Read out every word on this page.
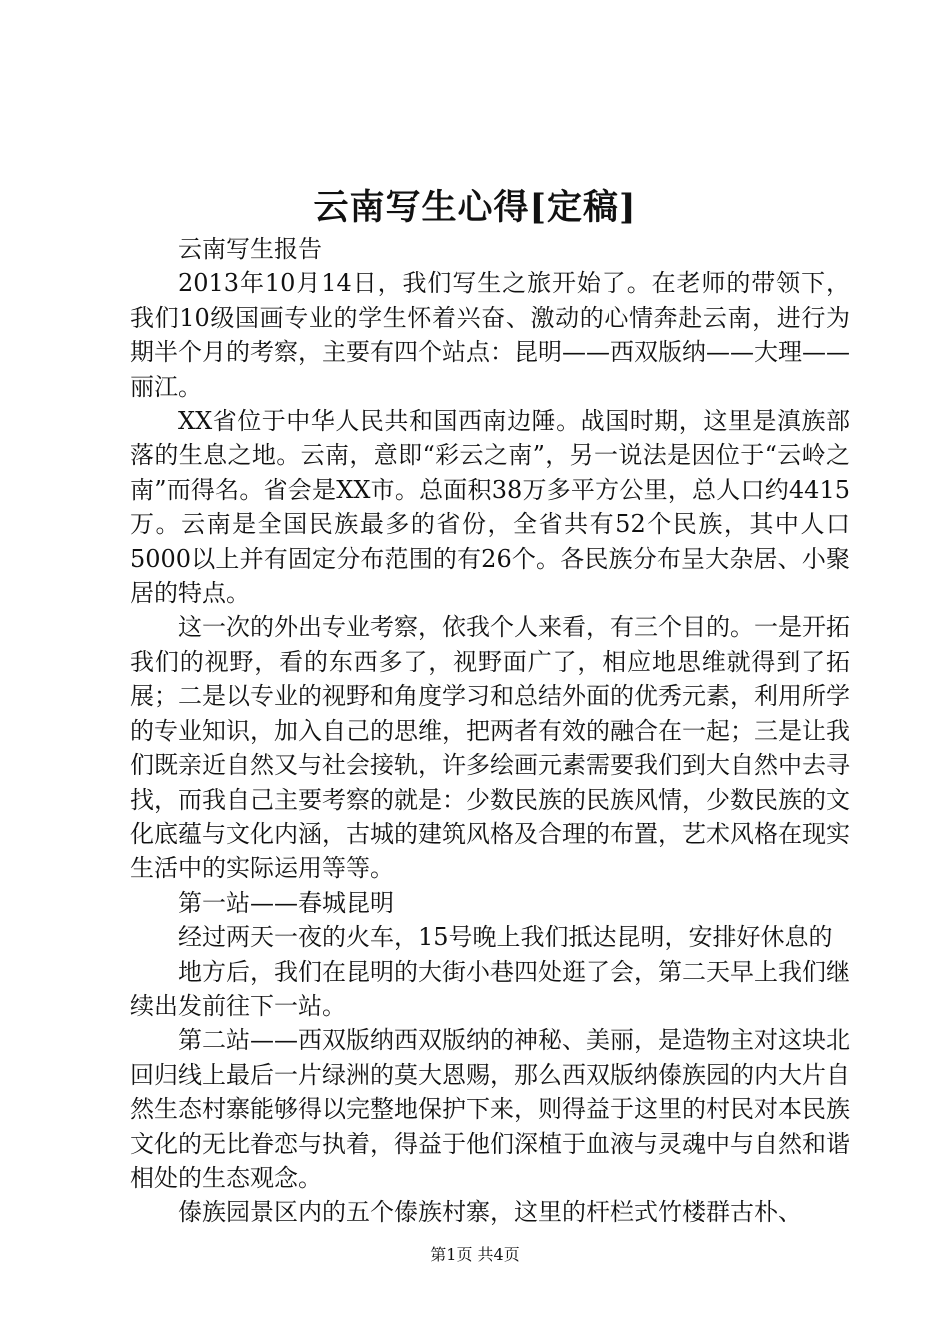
云南写生心得[定稿]

云南写生报告

2013年10月14日，我们写生之旅开始了。在老师的带领下，我们10级国画专业的学生怀着兴奋、激动的心情奔赴云南，进行为期半个月的考察，主要有四个站点：昆明——西双版纳——大理——丽江。

XX省位于中华人民共和国西南边陲。战国时期，这里是滇族部落的生息之地。云南，意即“彩云之南”，另一说法是因位于“云岭之南”而得名。省会是XX市。总面积38万多平方公里，总人口约4415万。云南是全国民族最多的省份，全省共有52个民族，其中人口5000以上并有固定分布范围的有26个。各民族分布呈大杂居、小聚居的特点。

这一次的外出专业考察，依我个人来看，有三个目的。一是开拓我们的视野，看的东西多了，视野面广了，相应地思维就得到了拓展；二是以专业的视野和角度学习和总结外面的优秀元素，利用所学的专业知识，加入自己的思维，把两者有效的融合在一起；三是让我们既亲近自然又与社会接轨，许多绘画元素需要我们到大自然中去寻找，而我自己主要考察的就是：少数民族的民族风情，少数民族的文化底蕴与文化内涵，古城的建筑风格及合理的布置，艺术风格在现实生活中的实际运用等等。

第一站——春城昆明

经过两天一夜的火车，15号晚上我们抵达昆明，安排好休息的

地方后，我们在昆明的大街小巷四处逛了会，第二天早上我们继续出发前往下一站。

第二站——西双版纳西双版纳的神秘、美丽，是造物主对这块北回归线上最后一片绿洲的莫大恩赐，那么西双版纳傣族园的内大片自然生态村寨能够得以完整地保护下来，则得益于这里的村民对本民族文化的无比眷恋与执着，得益于他们深植于血液与灵魂中与自然和谐相处的生态观念。

傣族园景区内的五个傣族村寨，这里的杆栏式竹楼群古朴、

第1页 共4页
